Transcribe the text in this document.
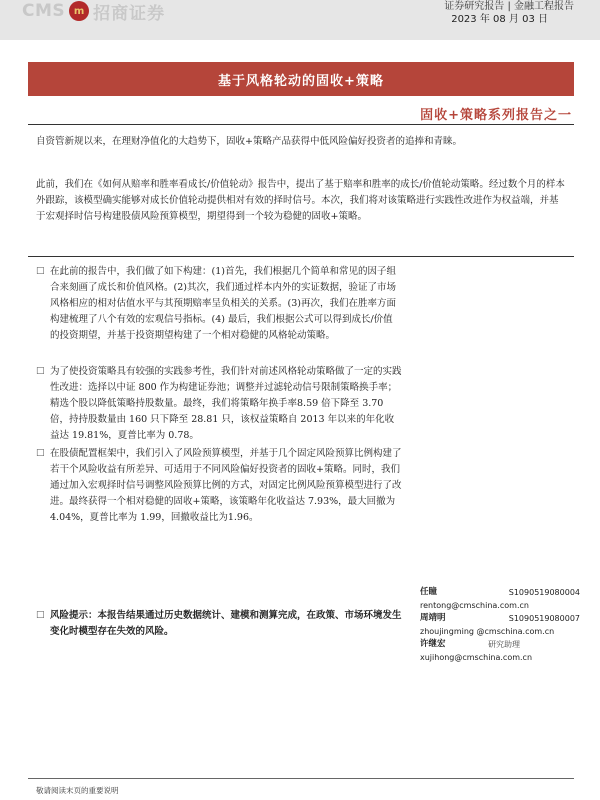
CMS m 招商证券	证券研究报告 | 金融工程报告
2023 年 08 月 03 日
基于风格轮动的固收+策略
固收+策略系列报告之一
自资管新规以来，在理财净值化的大趋势下，固收+策略产品获得中低风险偏好投资者的追捧和青睐。
此前，我们在《如何从赔率和胜率看成长/价值轮动》报告中，提出了基于赔率和胜率的成长/价值轮动策略。经过数个月的样本外跟踪，该模型确实能够对成长价值轮动提供相对有效的择时信号。本次，我们将对该策略进行实践性改进作为权益端，并基于宏观择时信号构建股债风险预算模型，期望得到一个较为稳健的固收+策略。
□ 在此前的报告中，我们做了如下构建：(1)首先，我们根据几个简单和常见的因子组合来刻画了成长和价值风格。(2)其次，我们通过样本内外的实证数据，验证了市场风格相应的相对估值水平与其预期赔率呈负相关的关系。(3)再次，我们在胜率方面构建梳理了八个有效的宏观信号指标。(4) 最后，我们根据公式可以得到成长/价值的投资期望，并基于投资期望构建了一个相对稳健的风格轮动策略。
□ 为了使投资策略具有较强的实践参考性，我们针对前述风格轮动策略做了一定的实践性改进：选择以中证 800 作为构建证券池；调整并过滤轮动信号限制策略换手率；精选个股以降低策略持股数量。最终，我们将策略年换手率8.59 倍下降至 3.70 倍，持持股数量由 160 只下降至 28.81 只，该权益策略自 2013 年以来的年化收益达 19.81%，夏普比率为 0.78。
□ 在股债配置框架中，我们引入了风险预算模型，并基于几个固定风险预算比例构建了若干个风险收益有所差异、可适用于不同风险偏好投资者的固收+策略。同时，我们通过加入宏观择时信号调整风险预算比例的方式，对固定比例风险预算模型进行了改进。最终获得一个相对稳健的固收+策略，该策略年化收益达 7.93%，最大回撤为 4.04%，夏普比率为 1.99，回撤收益比为1.96。
任瞳	S1090519080004
rentong@cmschina.com.cn
周靖明	S1090519080007
zhoujingming @cmschina.com.cn
许继宏	研究助理
xujihong@cmschina.com.cn
□ 风险提示：本报告结果通过历史数据统计、建模和测算完成，在政策、市场环境发生变化时模型存在失效的风险。
敬请阅读末页的重要说明
